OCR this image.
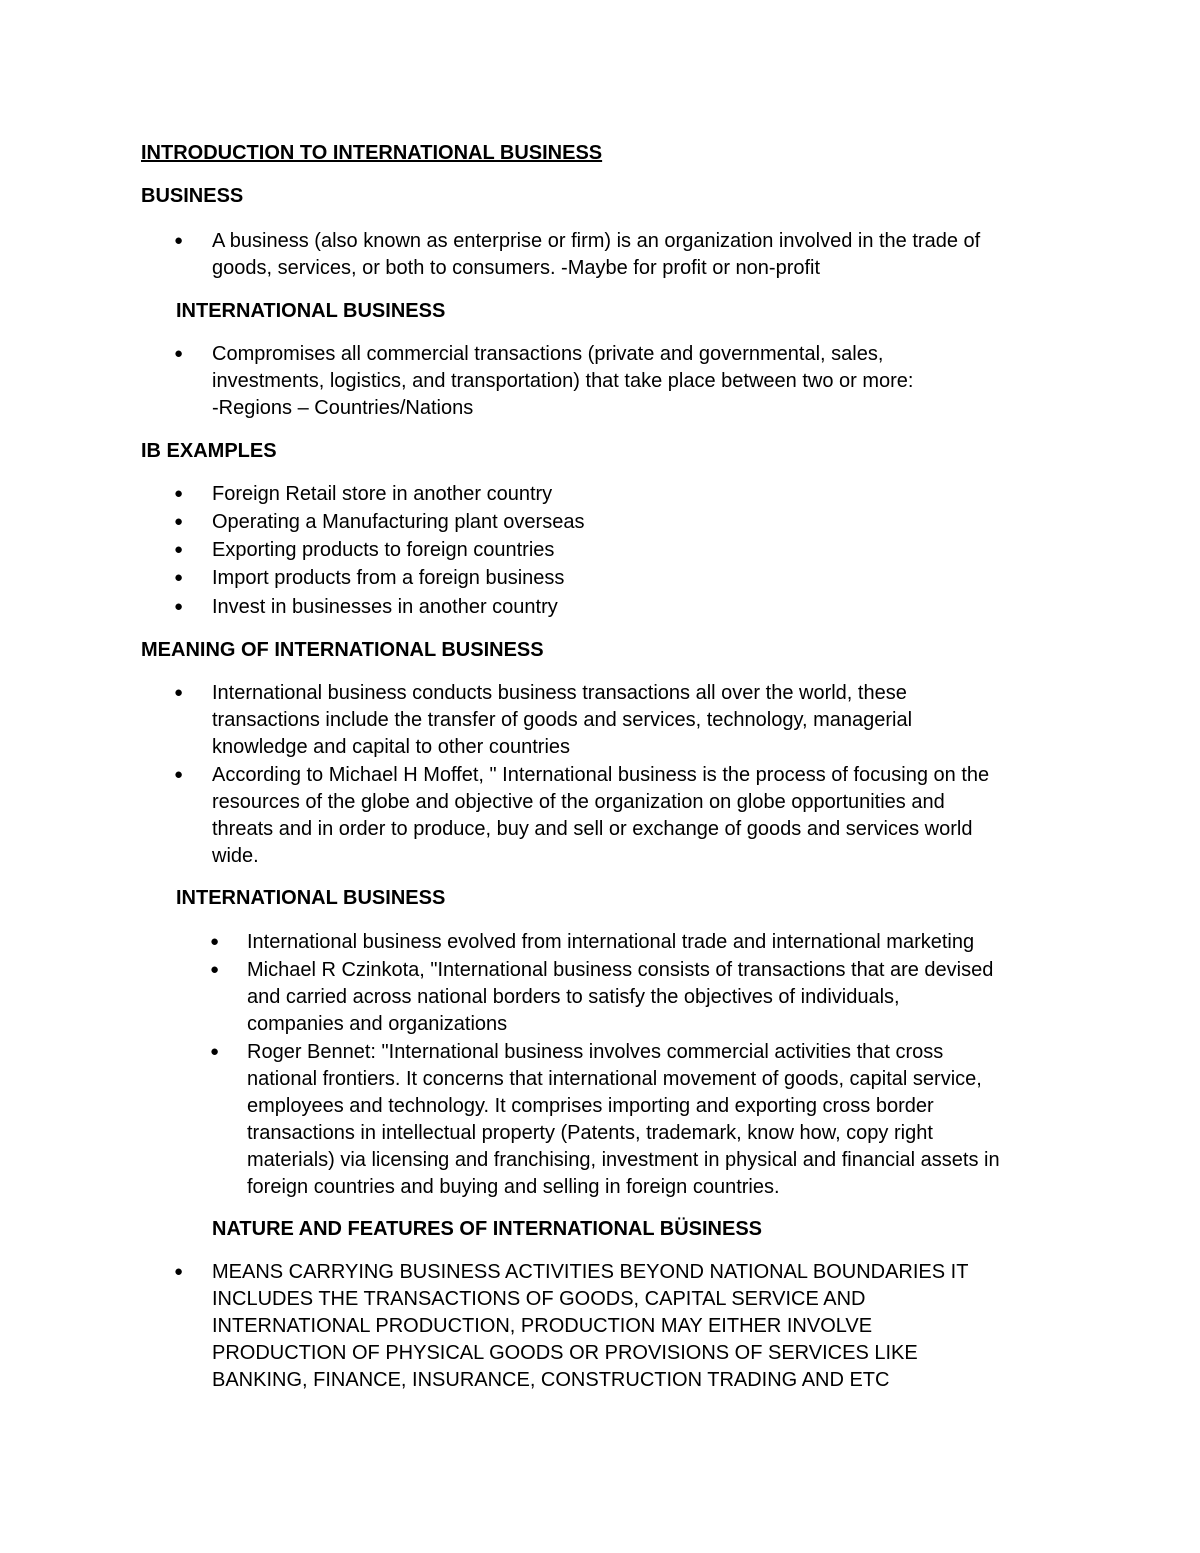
INTRODUCTION TO INTERNATIONAL BUSINESS
BUSINESS
● A business (also known as enterprise or firm) is an organization involved in the trade of
goods, services, or both to consumers. -Maybe for profit or non-profit
INTERNATIONAL BUSINESS
● Compromises all commercial transactions (private and governmental, sales,
investments, logistics, and transportation) that take place between two or more:
-Regions – Countries/Nations
IB EXAMPLES
● Foreign Retail store in another country
● Operating a Manufacturing plant overseas
● Exporting products to foreign countries
● Import products from a foreign business
● Invest in businesses in another country
MEANING OF INTERNATIONAL BUSINESS
● International business conducts business transactions all over the world, these
transactions include the transfer of goods and services, technology, managerial
knowledge and capital to other countries
● According to Michael H Moffet, " International business is the process of focusing on the
resources of the globe and objective of the organization on globe opportunities and
threats and in order to produce, buy and sell or exchange of goods and services world
wide.
INTERNATIONAL BUSINESS
● International business evolved from international trade and international marketing
● Michael R Czinkota, "International business consists of transactions that are devised
and carried across national borders to satisfy the objectives of individuals,
companies and organizations
● Roger Bennet: "International business involves commercial activities that cross
national frontiers. It concerns that international movement of goods, capital service,
employees and technology. It comprises importing and exporting cross border
transactions in intellectual property (Patents, trademark, know how, copy right
materials) via licensing and franchising, investment in physical and financial assets in
foreign countries and buying and selling in foreign countries.
NATURE AND FEATURES OF INTERNATIONAL BÜSINESS
● MEANS CARRYING BUSINESS ACTIVITIES BEYOND NATIONAL BOUNDARIES IT
INCLUDES THE TRANSACTIONS OF GOODS, CAPITAL SERVICE AND
INTERNATIONAL PRODUCTION, PRODUCTION MAY EITHER INVOLVE
PRODUCTION OF PHYSICAL GOODS OR PROVISIONS OF SERVICES LIKE
BANKING, FINANCE, INSURANCE, CONSTRUCTION TRADING AND ETC
